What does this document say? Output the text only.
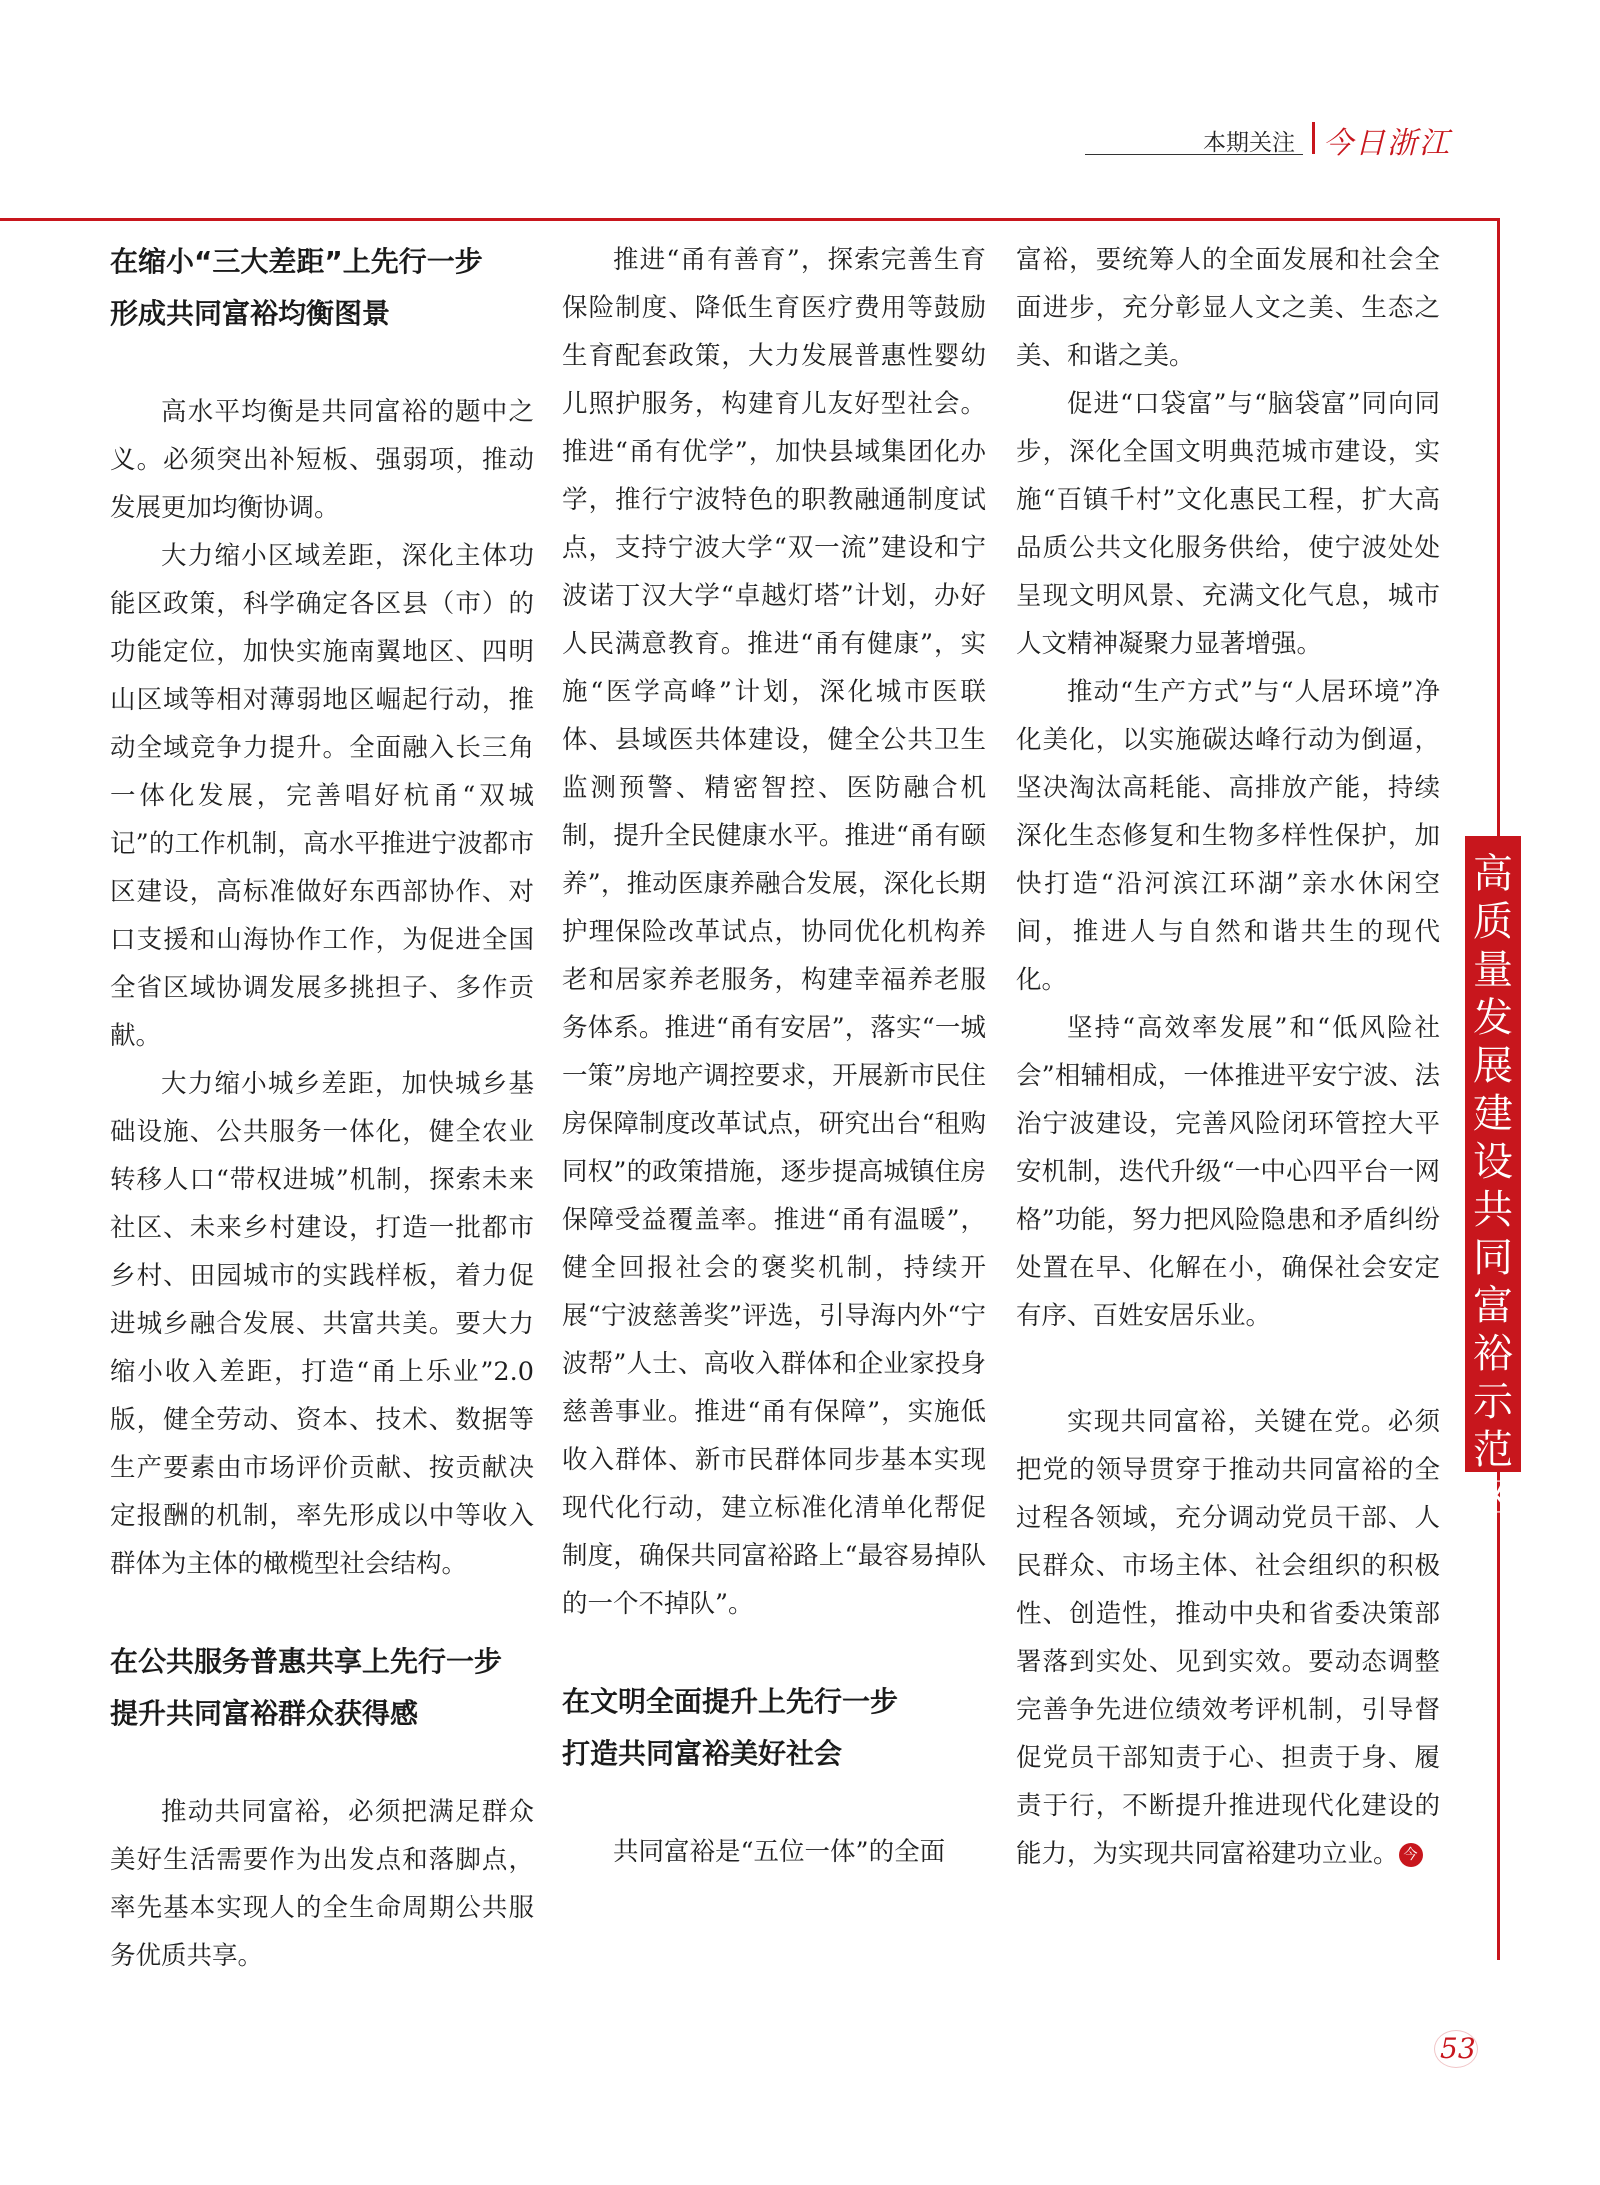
本期关注 今日浙江
在缩小“三大差距”上先行一步
形成共同富裕均衡图景

高水平均衡是共同富裕的题中之义。必须突出补短板、强弱项，推动发展更加均衡协调。

大力缩小区域差距，深化主体功能区政策，科学确定各区县（市）的功能定位，加快实施南翼地区、四明山区域等相对薄弱地区崛起行动，推动全域竞争力提升。全面融入长三角一体化发展，完善唱好杭甬“双城记”的工作机制，高水平推进宁波都市区建设，高标准做好东西部协作、对口支援和山海协作工作，为促进全国全省区域协调发展多挑担子、多作贡献。

大力缩小城乡差距，加快城乡基础设施、公共服务一体化，健全农业转移人口“带权进城”机制，探索未来社区、未来乡村建设，打造一批都市乡村、田园城市的实践样板，着力促进城乡融合发展、共富共美。要大力缩小收入差距，打造“甬上乐业”2.0版，健全劳动、资本、技术、数据等生产要素由市场评价贡献、按贡献决定报酬的机制，率先形成以中等收入群体为主体的橄榄型社会结构。

在公共服务普惠共享上先行一步
提升共同富裕群众获得感

推动共同富裕，必须把满足群众美好生活需要作为出发点和落脚点，率先基本实现人的全生命周期公共服务优质共享。

推进“甬有善育”，探索完善生育保险制度、降低生育医疗费用等鼓励生育配套政策，大力发展普惠性婴幼儿照护服务，构建育儿友好型社会。推进“甬有优学”，加快县域集团化办学，推行宁波特色的职教融通制度试点，支持宁波大学“双一流”建设和宁波诺丁汉大学“卓越灯塔”计划，办好人民满意教育。推进“甬有健康”，实施“医学高峰”计划，深化城市医联体、县域医共体建设，健全公共卫生监测预警、精密智控、医防融合机制，提升全民健康水平。推进“甬有颐养”，推动医康养融合发展，深化长期护理保险改革试点，协同优化机构养老和居家养老服务，构建幸福养老服务体系。推进“甬有安居”，落实“一城一策”房地产调控要求，开展新市民住房保障制度改革试点，研究出台“租购同权”的政策措施，逐步提高城镇住房保障受益覆盖率。推进“甬有温暖”，健全回报社会的褒奖机制，持续开展“宁波慈善奖”评选，引导海内外“宁波帮”人士、高收入群体和企业家投身慈善事业。推进“甬有保障”，实施低收入群体、新市民群体同步基本实现现代化行动，建立标准化清单化帮促制度，确保共同富裕路上“最容易掉队的一个不掉队”。

在文明全面提升上先行一步
打造共同富裕美好社会

共同富裕是“五位一体”的全面

富裕，要统筹人的全面发展和社会全面进步，充分彰显人文之美、生态之美、和谐之美。

促进“口袋富”与“脑袋富”同向同步，深化全国文明典范城市建设，实施“百镇千村”文化惠民工程，扩大高品质公共文化服务供给，使宁波处处呈现文明风景、充满文化气息，城市人文精神凝聚力显著增强。

推动“生产方式”与“人居环境”净化美化，以实施碳达峰行动为倒逼，坚决淘汰高耗能、高排放产能，持续深化生态修复和生物多样性保护，加快打造“沿河滨江环湖”亲水休闲空间，推进人与自然和谐共生的现代化。

坚持“高效率发展”和“低风险社会”相辅相成，一体推进平安宁波、法治宁波建设，完善风险闭环管控大平安机制，迭代升级“一中心四平台一网格”功能，努力把风险隐患和矛盾纠纷处置在早、化解在小，确保社会安定有序、百姓安居乐业。

实现共同富裕，关键在党。必须把党的领导贯穿于推动共同富裕的全过程各领域，充分调动党员干部、人民群众、市场主体、社会组织的积极性、创造性，推动中央和省委决策部署落到实处、见到实效。要动态调整完善争先进位绩效考评机制，引导督促党员干部知责于心、担责于身、履责于行，不断提升推进现代化建设的能力，为实现共同富裕建功立业。 今

高
质
量
发
展
建
设
共
同
富
裕
示
范
区
53
